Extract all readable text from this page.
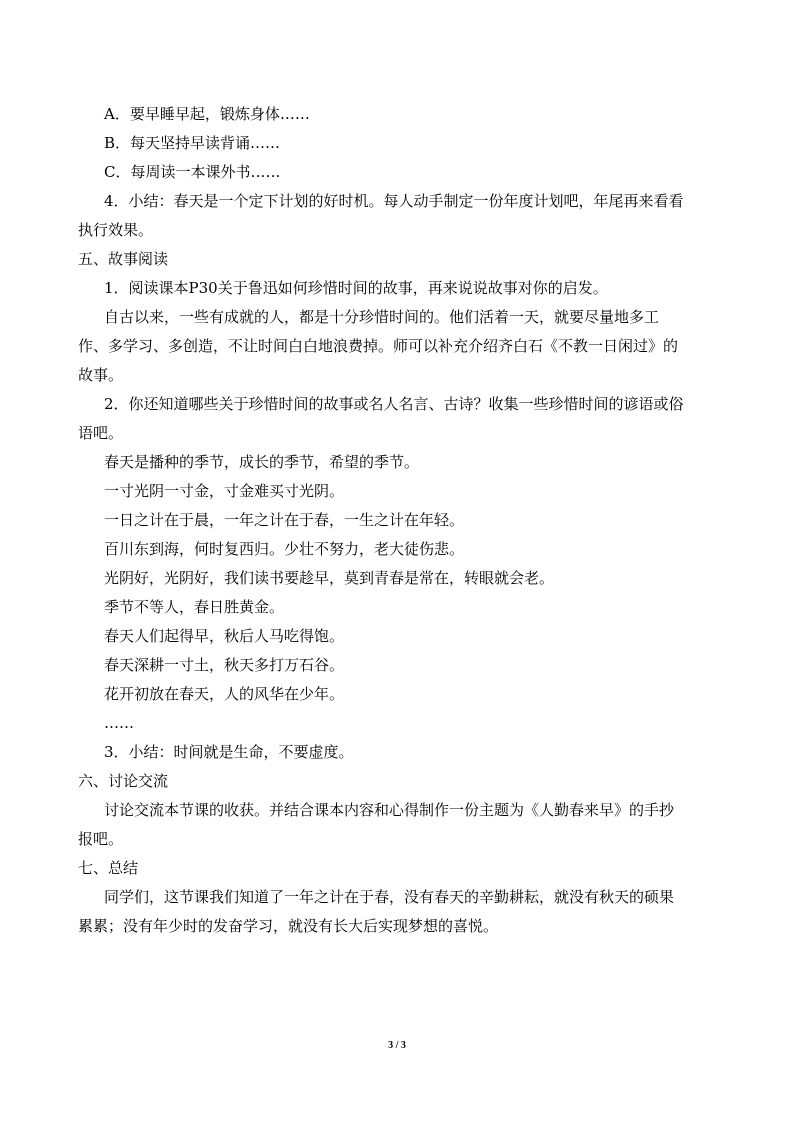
A．要早睡早起，锻炼身体……
B．每天坚持早读背诵……
C．每周读一本课外书……
4．小结：春天是一个定下计划的好时机。每人动手制定一份年度计划吧，年尾再来看看
执行效果。
五、故事阅读
1．阅读课本P30关于鲁迅如何珍惜时间的故事，再来说说故事对你的启发。
自古以来，一些有成就的人，都是十分珍惜时间的。他们活着一天，就要尽量地多工
作、多学习、多创造，不让时间白白地浪费掉。师可以补充介绍齐白石《不教一日闲过》的
故事。
2．你还知道哪些关于珍惜时间的故事或名人名言、古诗？收集一些珍惜时间的谚语或俗
语吧。
春天是播种的季节，成长的季节，希望的季节。
一寸光阴一寸金，寸金难买寸光阴。
一日之计在于晨，一年之计在于春，一生之计在年轻。
百川东到海，何时复西归。少壮不努力，老大徒伤悲。
光阴好，光阴好，我们读书要趁早，莫到青春是常在，转眼就会老。
季节不等人，春日胜黄金。
春天人们起得早，秋后人马吃得饱。
春天深耕一寸土，秋天多打万石谷。
花开初放在春天，人的风华在少年。
……
3．小结：时间就是生命，不要虚度。
六、讨论交流
讨论交流本节课的收获。并结合课本内容和心得制作一份主题为《人勤春来早》的手抄
报吧。
七、总结
同学们，这节课我们知道了一年之计在于春，没有春天的辛勤耕耘，就没有秋天的硕果
累累；没有年少时的发奋学习，就没有长大后实现梦想的喜悦。
3 / 3
